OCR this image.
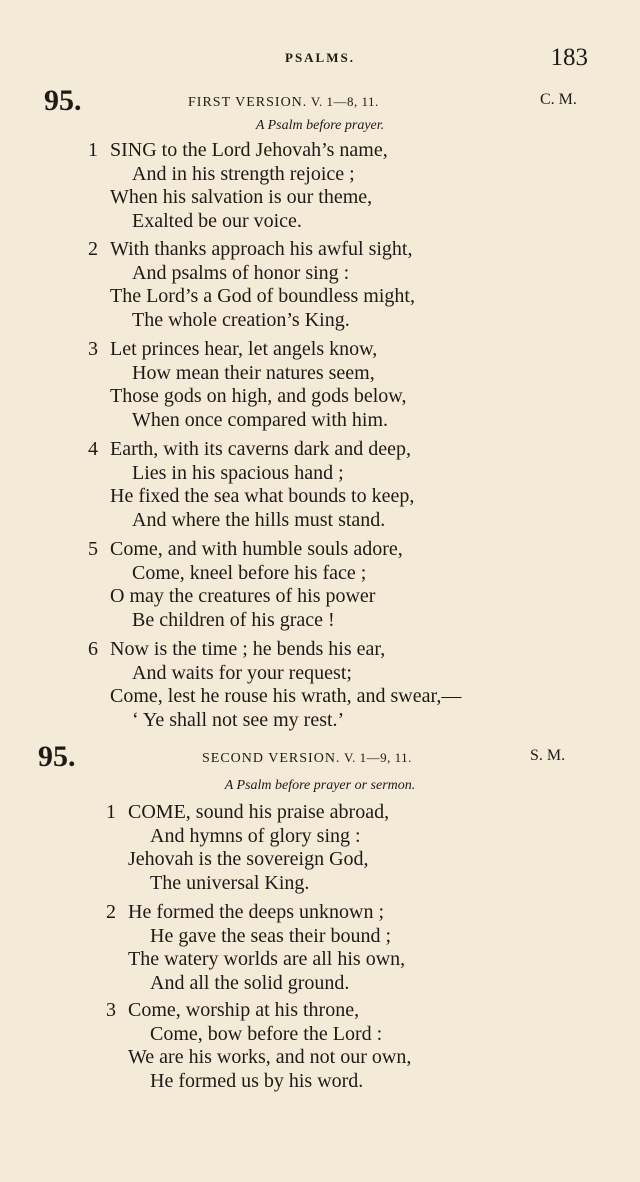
PSALMS.	183
95.	FIRST VERSION. V. 1—8, 11.	C. M.
A Psalm before prayer.
1 SING to the Lord Jehovah’s name,
And in his strength rejoice ;
When his salvation is our theme,
Exalted be our voice.
2 With thanks approach his awful sight,
And psalms of honor sing :
The Lord’s a God of boundless might,
The whole creation’s King.
3 Let princes hear, let angels know,
How mean their natures seem,
Those gods on high, and gods below,
When once compared with him.
4 Earth, with its caverns dark and deep,
Lies in his spacious hand ;
He fixed the sea what bounds to keep,
And where the hills must stand.
5 Come, and with humble souls adore,
Come, kneel before his face ;
O may the creatures of his power
Be children of his grace !
6 Now is the time ; he bends his ear,
And waits for your request;
Come, lest he rouse his wrath, and swear,—
‘ Ye shall not see my rest.’
95.	SECOND VERSION. V. 1—9, 11.	S. M.
A Psalm before prayer or sermon.
1 COME, sound his praise abroad,
And hymns of glory sing :
Jehovah is the sovereign God,
The universal King.
2 He formed the deeps unknown ;
He gave the seas their bound ;
The watery worlds are all his own,
And all the solid ground.
3 Come, worship at his throne,
Come, bow before the Lord :
We are his works, and not our own,
He formed us by his word.
